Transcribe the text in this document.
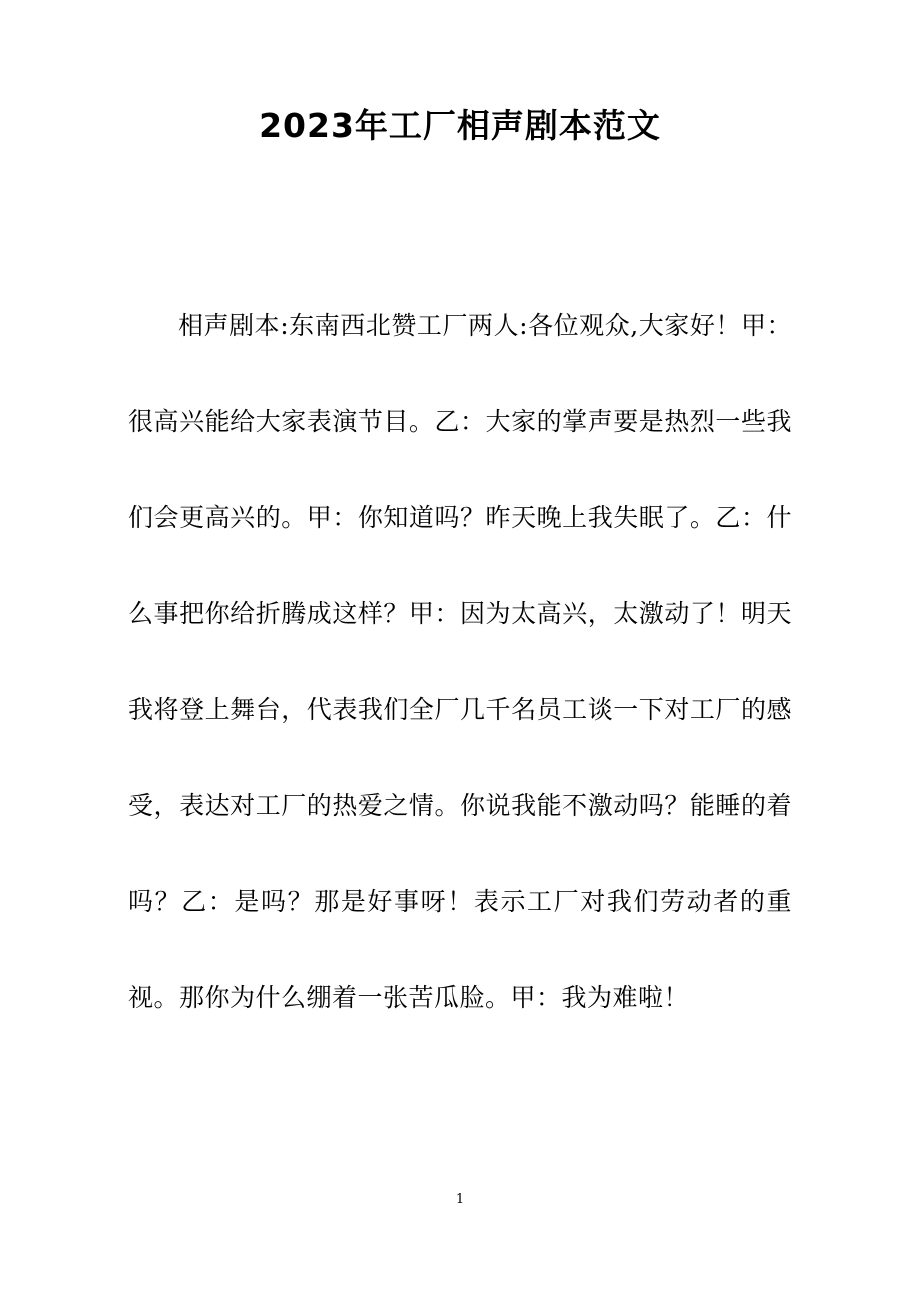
2023年工厂相声剧本范文

相声剧本:东南西北赞工厂两人:各位观众,大家好！甲：很高兴能给大家表演节目。乙：大家的掌声要是热烈一些我们会更高兴的。甲：你知道吗？昨天晚上我失眠了。乙：什么事把你给折腾成这样？甲：因为太高兴，太激动了！明天我将登上舞台，代表我们全厂几千名员工谈一下对工厂的感受，表达对工厂的热爱之情。你说我能不激动吗？能睡的着吗？乙：是吗？那是好事呀！表示工厂对我们劳动者的重视。那你为什么绷着一张苦瓜脸。甲：我为难啦！

1
